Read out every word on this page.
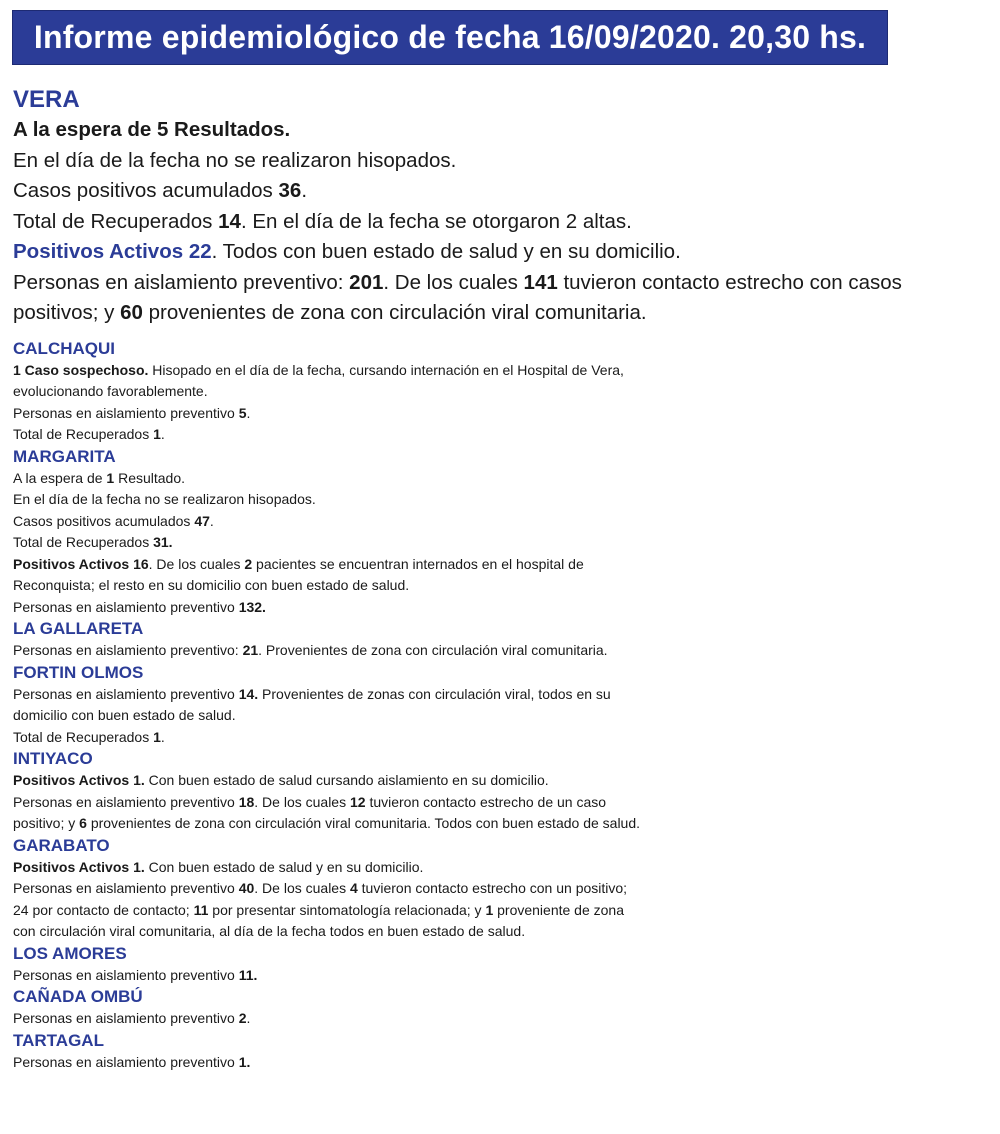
Informe epidemiológico de fecha 16/09/2020. 20,30 hs.

VERA

A la espera de 5 Resultados.

En el día de la fecha no se realizaron hisopados.

Casos positivos acumulados 36.

Total de Recuperados 14. En el día de la fecha se otorgaron 2 altas.

Positivos Activos 22. Todos con buen estado de salud y en su domicilio.

Personas en aislamiento preventivo: 201. De los cuales 141 tuvieron contacto estrecho con casos positivos; y 60 provenientes de zona con circulación viral comunitaria.

CALCHAQUI

1 Caso sospechoso. Hisopado en el día de la fecha, cursando internación en el Hospital de Vera,

evolucionando favorablemente.

Personas en aislamiento preventivo 5.

Total de Recuperados 1.

MARGARITA

A la espera de 1 Resultado.

En el día de la fecha no se realizaron hisopados.

Casos positivos acumulados 47.

Total de Recuperados 31.

Positivos Activos 16. De los cuales 2 pacientes se encuentran internados en el hospital de

Reconquista; el resto en su domicilio con buen estado de salud.

Personas en aislamiento preventivo 132.

LA GALLARETA

Personas en aislamiento preventivo: 21. Provenientes de zona con circulación viral comunitaria.

FORTIN OLMOS

Personas en aislamiento preventivo 14. Provenientes de zonas con circulación viral, todos en su

domicilio con buen estado de salud.

Total de Recuperados 1.

INTIYACO

Positivos Activos 1. Con buen estado de salud cursando aislamiento en su domicilio.

Personas en aislamiento preventivo 18. De los cuales 12 tuvieron contacto estrecho de un caso

positivo; y 6 provenientes de zona con circulación viral comunitaria. Todos con buen estado de salud.

GARABATO

Positivos Activos 1. Con buen estado de salud y en su domicilio.

Personas en aislamiento preventivo 40. De los cuales 4 tuvieron contacto estrecho con un positivo;

24 por contacto de contacto; 11 por presentar sintomatología relacionada; y 1 proveniente de zona

con circulación viral comunitaria, al día de la fecha todos en buen estado de salud.

LOS AMORES

Personas en aislamiento preventivo 11.

CAÑADA OMBÚ

Personas en aislamiento preventivo 2.

TARTAGAL

Personas en aislamiento preventivo 1.
